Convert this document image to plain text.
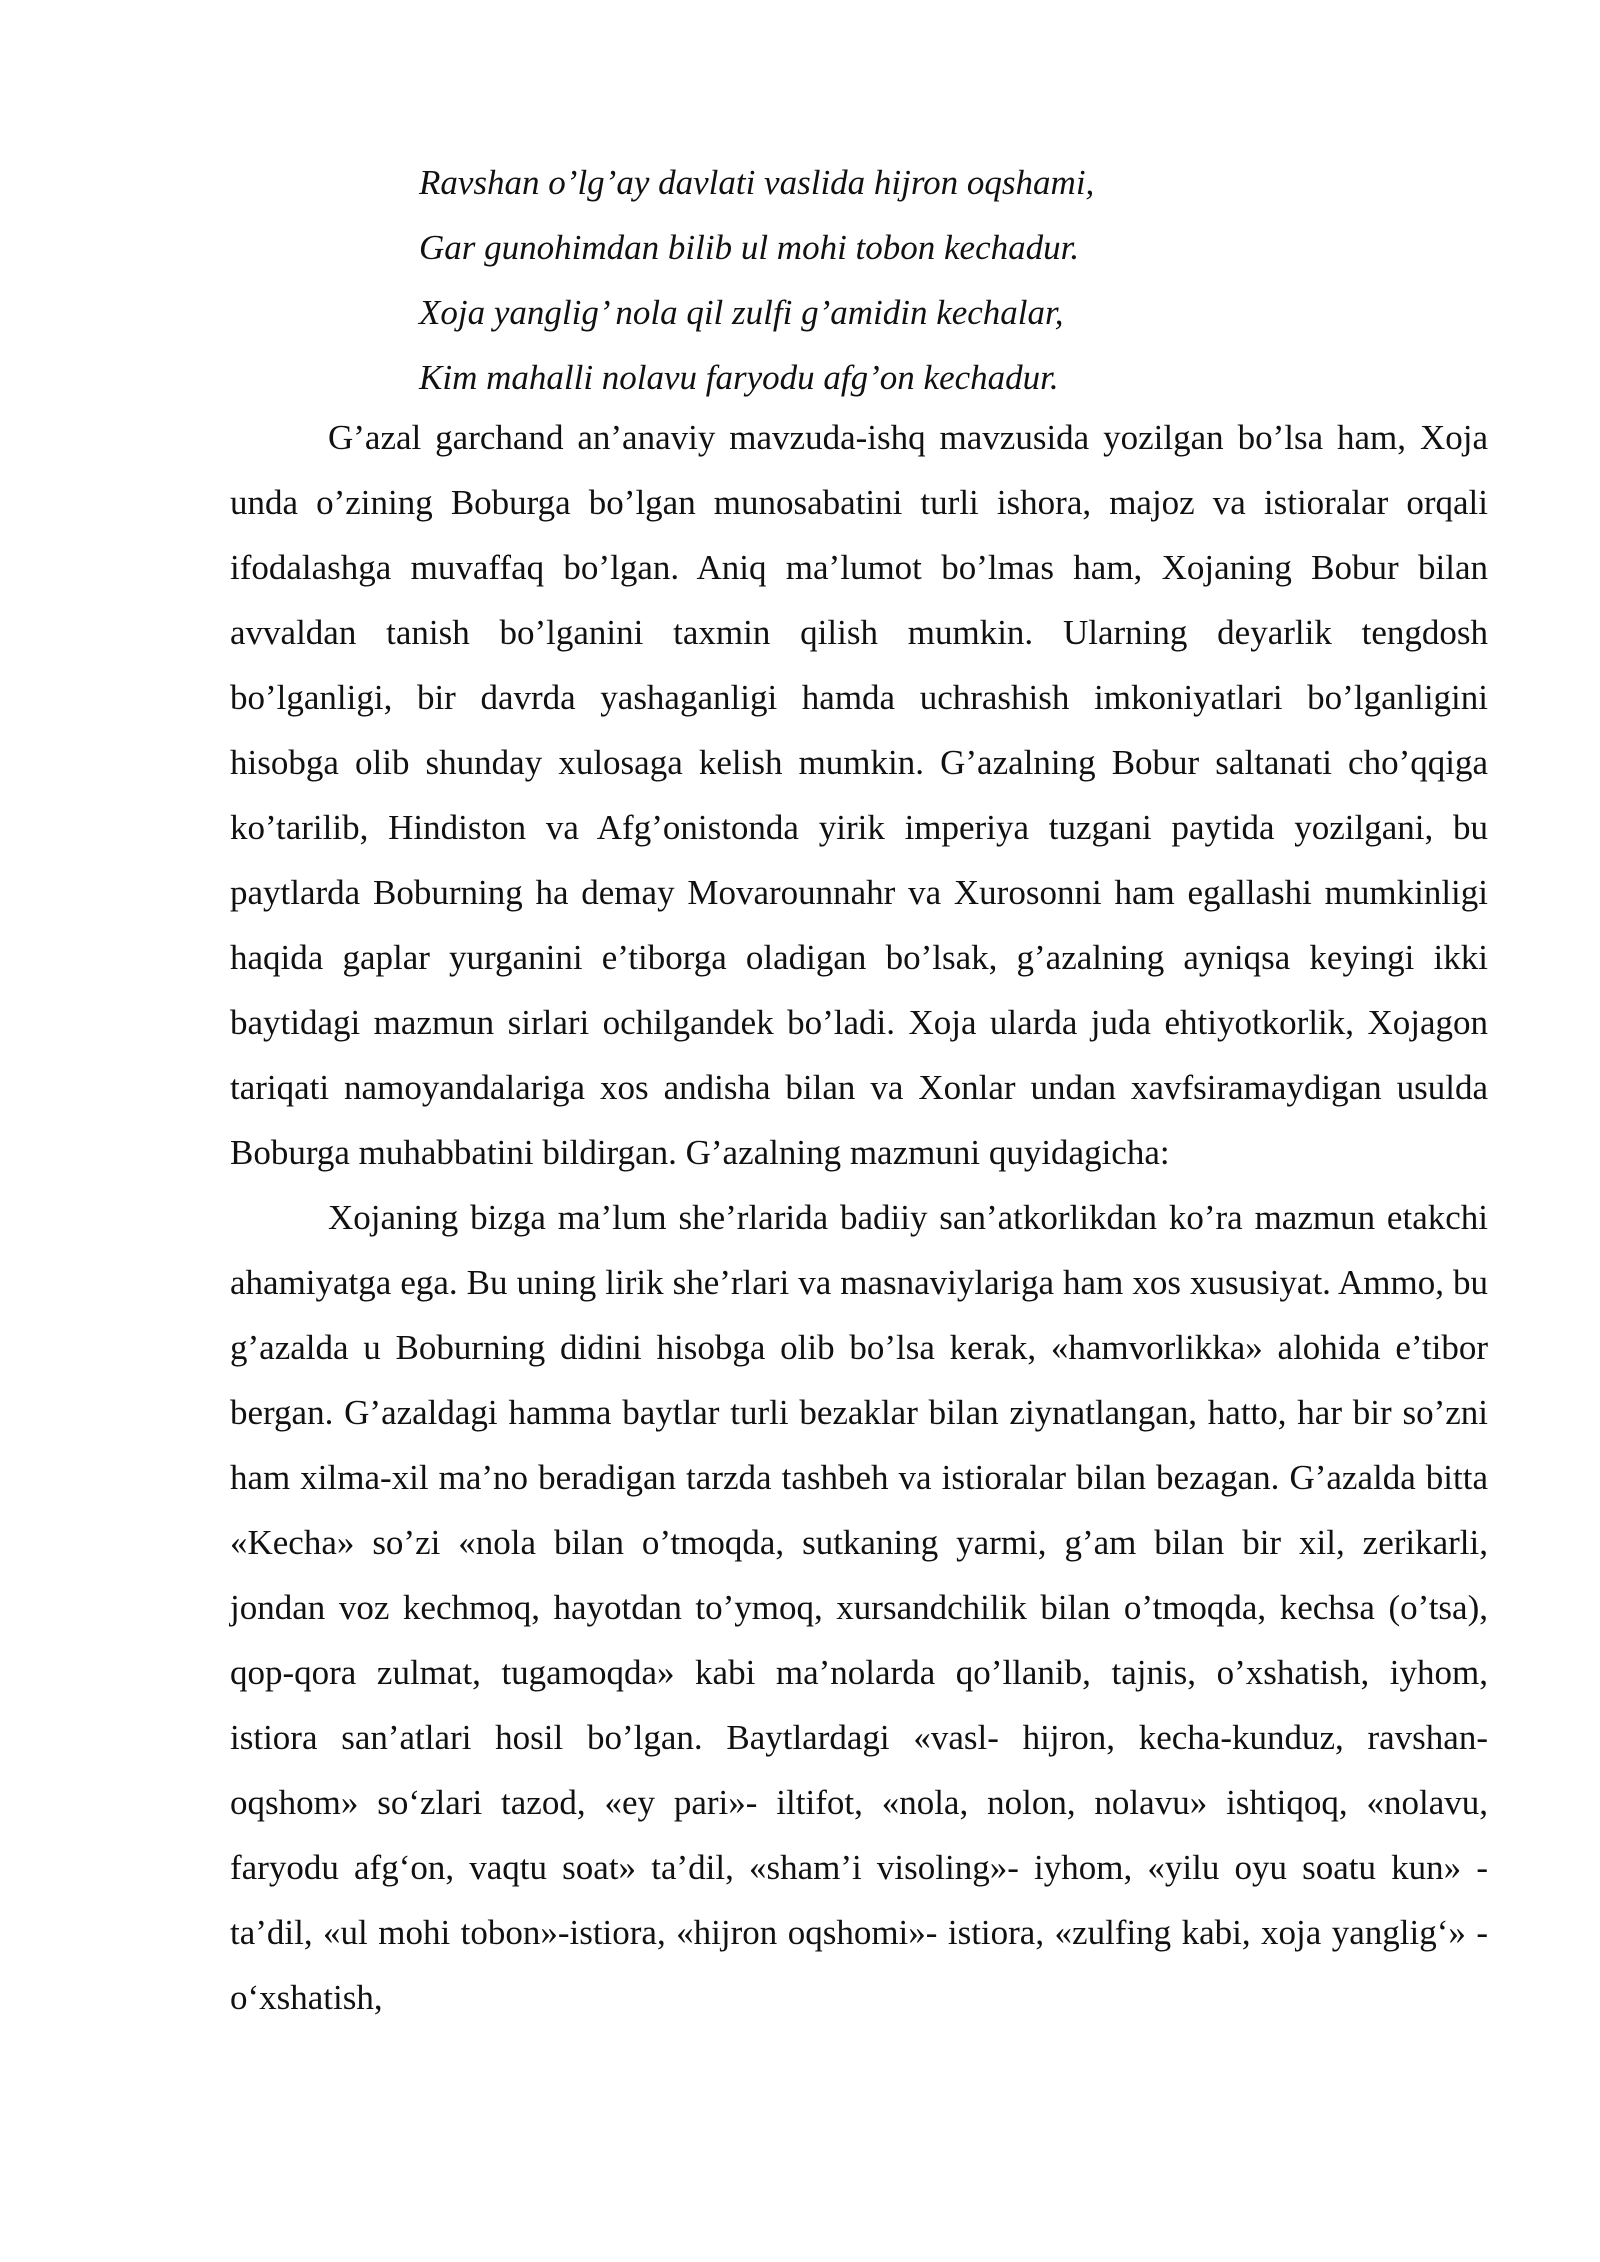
Ravshan o’lg’ay davlati vaslida hijron oqshami,
Gar gunohimdan bilib ul mohi tobon kechadur.
Xoja yanglig’ nola qil zulfi g’amidin kechalar,
Kim mahalli nolavu faryodu afg’on kechadur.

G’azal garchand an’anaviy mavzuda-ishq mavzusida yozilgan bo’lsa ham, Xoja unda o’zining Boburga bo’lgan munosabatini turli ishora, majoz va istioralar orqali ifodalashga muvaffaq bo’lgan. Aniq ma’lumot bo’lmas ham, Xojaning Bobur bilan avvaldan tanish bo’lganini taxmin qilish mumkin. Ularning deyarlik tengdosh bo’lganligi, bir davrda yashaganligi hamda uchrashish imkoniyatlari bo’lganligini hisobga olib shunday xulosaga kelish mumkin. G’azalning Bobur saltanati cho’qqiga ko’tarilib, Hindiston va Afg’onistonda yirik imperiya tuzgani paytida yozilgani, bu paytlarda Boburning ha demay Movarounnahr va Xurosonni ham egallashi mumkinligi haqida gaplar yurganini e’tiborga oladigan bo’lsak, g’azalning ayniqsa keyingi ikki baytidagi mazmun sirlari ochilgandek bo’ladi. Xoja ularda juda ehtiyotkorlik, Xojagon tariqati namoyandalariga xos andisha bilan va Xonlar undan xavfsiramaydigan usulda Boburga muhabbatini bildirgan. G’azalning mazmuni quyidagicha:

Xojaning bizga ma’lum she’rlarida badiiy san’atkorlikdan ko’ra mazmun etakchi ahamiyatga ega. Bu uning lirik she’rlari va masnaviylariga ham xos xususiyat. Ammo, bu g’azalda u Boburning didini hisobga olib bo’lsa kerak, «hamvorlikka» alohida e’tibor bergan. G’azaldagi hamma baytlar turli bezaklar bilan ziynatlangan, hatto, har bir so’zni ham xilma-xil ma’no beradigan tarzda tashbeh va istioralar bilan bezagan. G’azalda bitta «Kecha» so’zi «nola bilan o’tmoqda, sutkaning yarmi, g’am bilan bir xil, zerikarli, jondan voz kechmoq, hayotdan to’ymoq, xursandchilik bilan o’tmoqda, kechsa (o’tsa), qop-qora zulmat, tugamoqda» kabi ma’nolarda qo’llanib, tajnis, o’xshatish, iyhom, istiora san’atlari hosil bo’lgan. Baytlardagi «vasl- hijron, kecha-kunduz, ravshan-oqshom» so‘zlari tazod, «ey pari»- iltifot, «nola, nolon, nolavu» ishtiqoq, «nolavu, faryodu afg‘on, vaqtu soat» ta’dil, «sham’i visoling»- iyhom, «yilu oyu soatu kun» - ta’dil, «ul mohi tobon»-istiora, «hijron oqshomi»- istiora, «zulfing kabi, xoja yanglig‘» - o‘xshatish,
